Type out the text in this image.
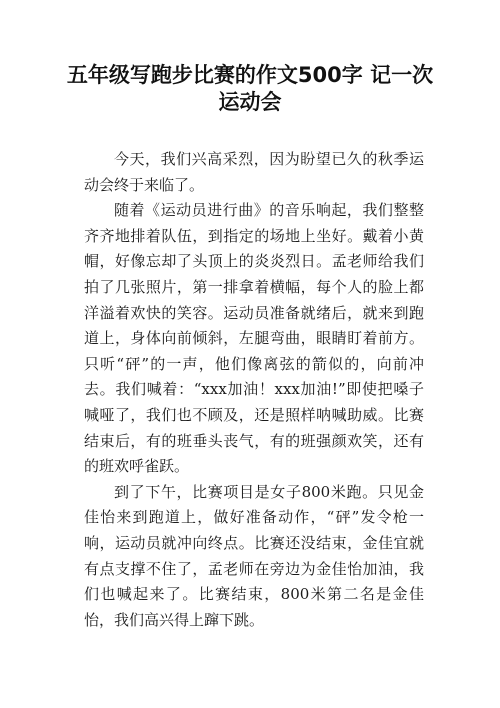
五年级写跑步比赛的作文500字 记一次运动会

今天，我们兴高采烈，因为盼望已久的秋季运动会终于来临了。

随着《运动员进行曲》的音乐响起，我们整整齐齐地排着队伍，到指定的场地上坐好。戴着小黄帽，好像忘却了头顶上的炎炎烈日。孟老师给我们拍了几张照片，第一排拿着横幅，每个人的脸上都洋溢着欢快的笑容。运动员准备就绪后，就来到跑道上，身体向前倾斜，左腿弯曲，眼睛盯着前方。只听“砰”的一声，他们像离弦的箭似的，向前冲去。我们喊着：“xxx加油！xxx加油!”即使把嗓子喊哑了，我们也不顾及，还是照样呐喊助威。比赛结束后，有的班垂头丧气，有的班强颜欢笑，还有的班欢呼雀跃。

到了下午，比赛项目是女子800米跑。只见金佳怡来到跑道上，做好准备动作，“砰”发令枪一响，运动员就冲向终点。比赛还没结束，金佳宜就有点支撑不住了，孟老师在旁边为金佳怡加油，我们也喊起来了。比赛结束，800米第二名是金佳怡，我们高兴得上蹿下跳。
